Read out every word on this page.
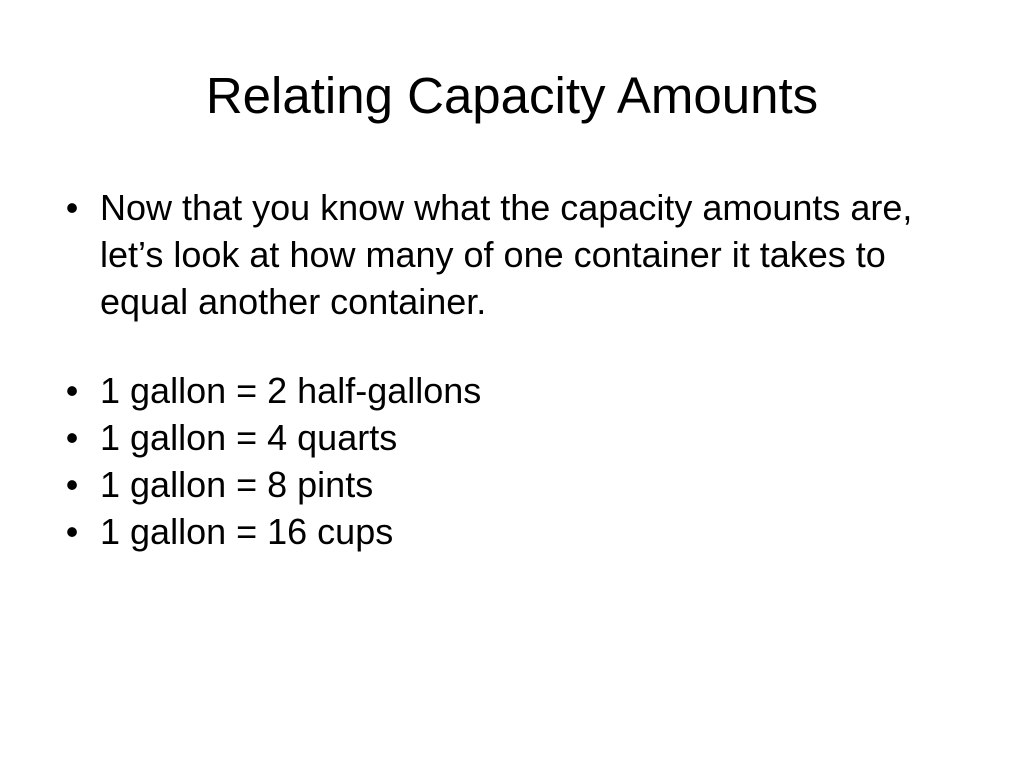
Relating Capacity Amounts
• Now that you know what the capacity amounts are, let’s look at how many of one container it takes to equal another container.
• 1 gallon = 2 half-gallons
• 1 gallon = 4 quarts
• 1 gallon = 8 pints
• 1 gallon = 16 cups
